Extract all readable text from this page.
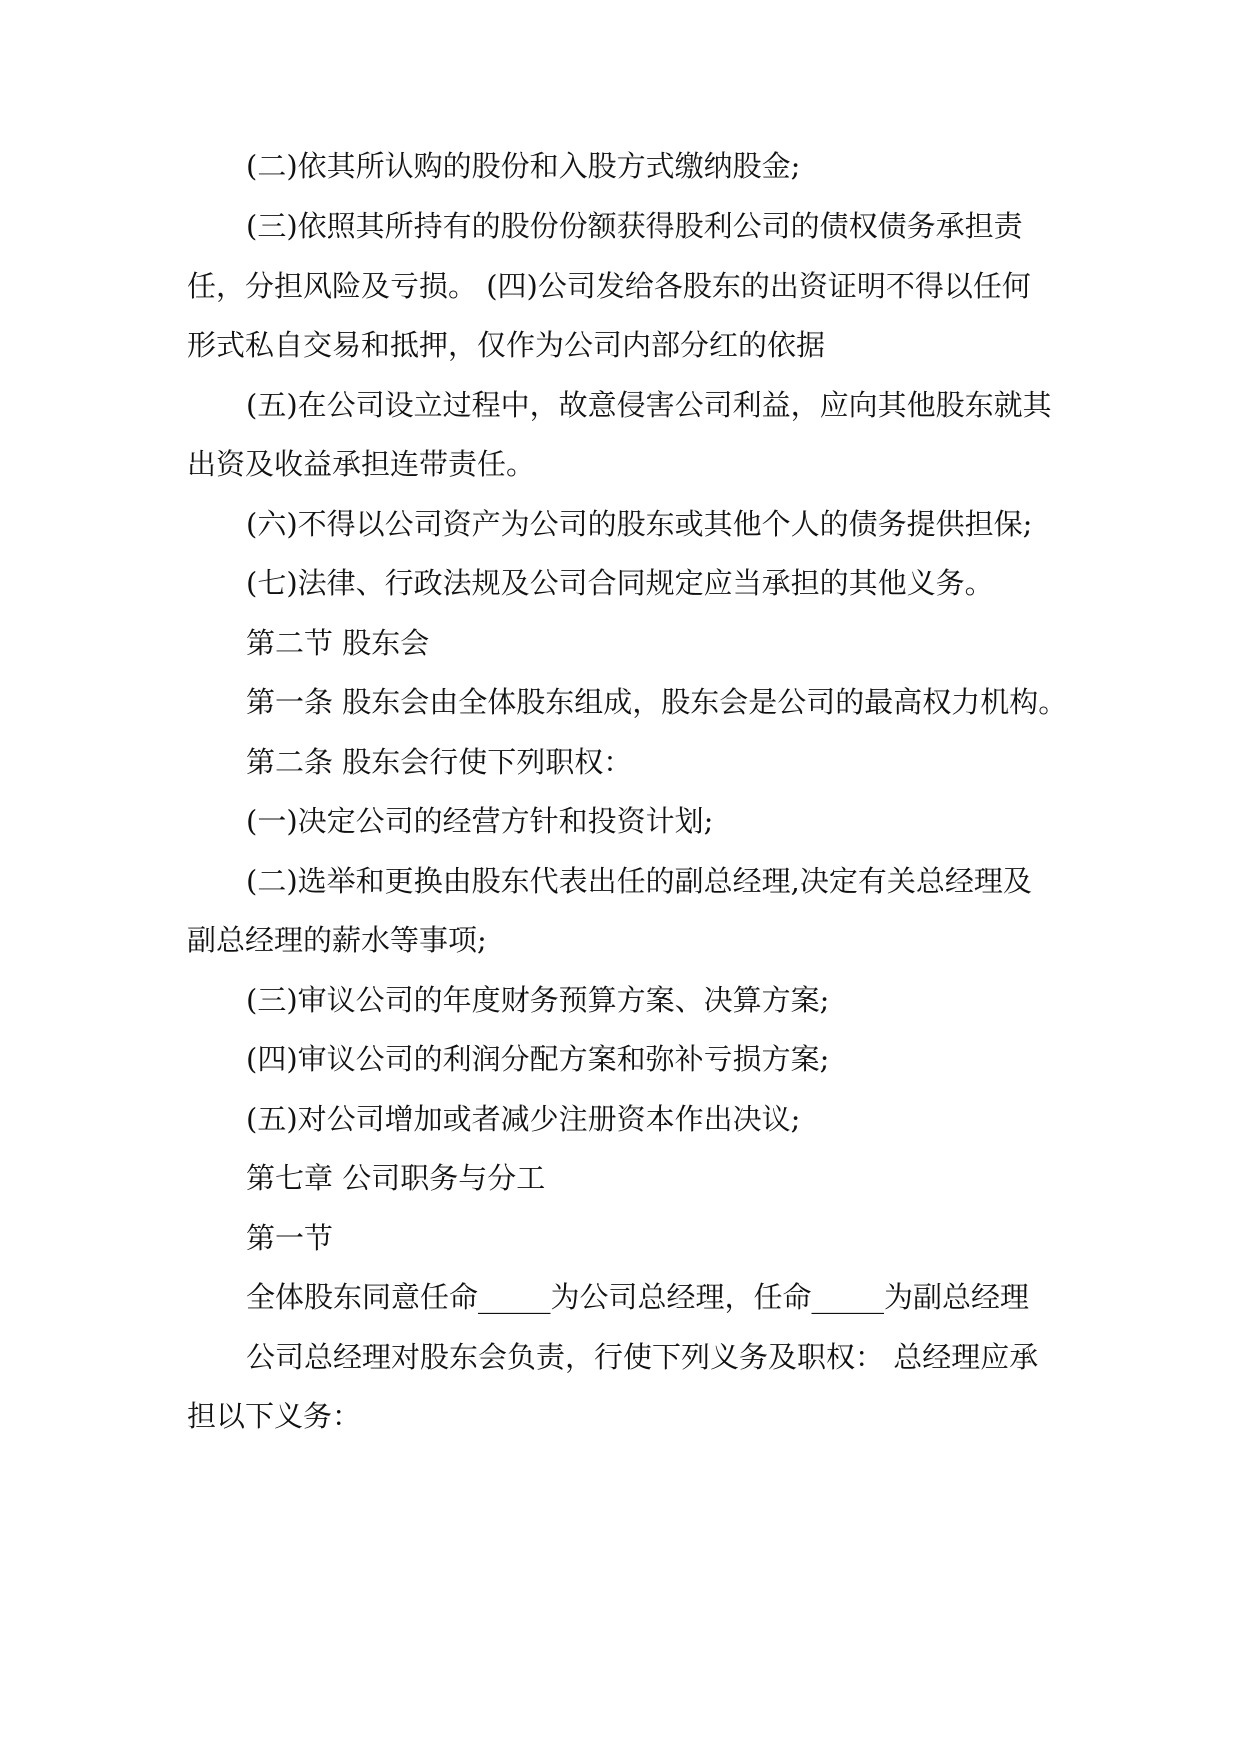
(二)依其所认购的股份和入股方式缴纳股金;
(三)依照其所持有的股份份额获得股利公司的债权债务承担责
任，分担风险及亏损。 (四)公司发给各股东的出资证明不得以任何
形式私自交易和抵押，仅作为公司内部分红的依据
(五)在公司设立过程中，故意侵害公司利益，应向其他股东就其
出资及收益承担连带责任。
(六)不得以公司资产为公司的股东或其他个人的债务提供担保;
(七)法律、行政法规及公司合同规定应当承担的其他义务。
第二节 股东会
第一条 股东会由全体股东组成，股东会是公司的最高权力机构。
第二条 股东会行使下列职权：
(一)决定公司的经营方针和投资计划;
(二)选举和更换由股东代表出任的副总经理,决定有关总经理及
副总经理的薪水等事项;
(三)审议公司的年度财务预算方案、决算方案;
(四)审议公司的利润分配方案和弥补亏损方案;
(五)对公司增加或者减少注册资本作出决议;
第七章 公司职务与分工
第一节
全体股东同意任命_____为公司总经理，任命_____为副总经理
公司总经理对股东会负责，行使下列义务及职权： 总经理应承
担以下义务：
